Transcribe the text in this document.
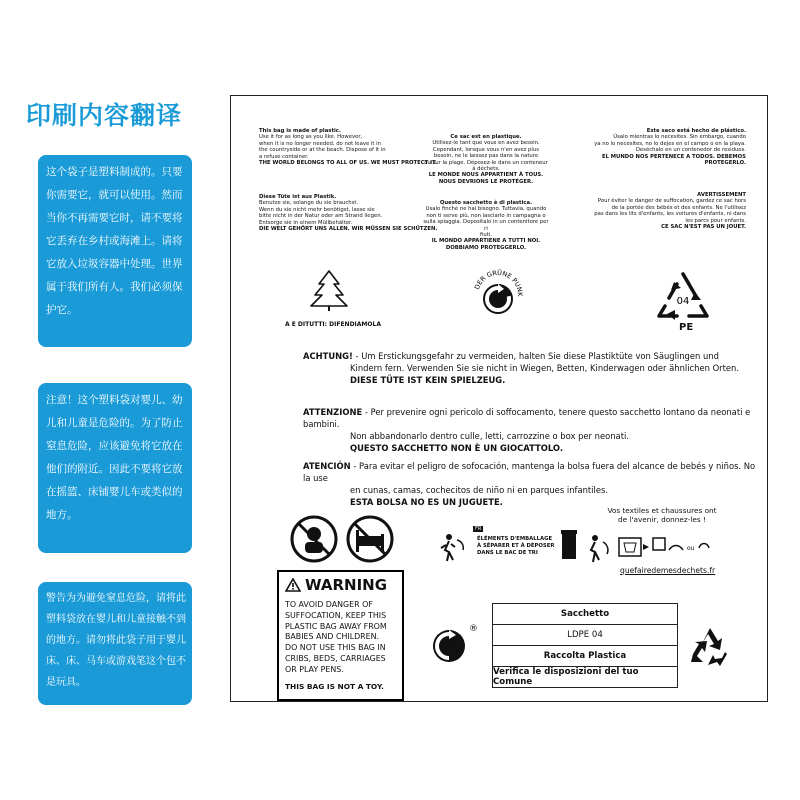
印刷内容翻译
这个袋子是塑料制成的。只要你需要它，就可以使用。然而当你不再需要它时，请不要将它丢弃在乡村或海滩上。请将它放入垃圾容器中处理。世界属于我们所有人。我们必须保护它。
注意！这个塑料袋对婴儿、幼儿和儿童是危险的。为了防止窒息危险，应该避免将它放在他们的附近。因此不要将它放在摇篮、床铺婴儿车或类似的地方。
警告为为避免窒息危险，请将此塑料袋放在婴儿和儿童接触不到的地方。请勿将此袋子用于婴儿床、床、马车或游戏笔这个包不是玩具。
This bag is made of plastic.
Use it for as long as you like. However,
when it is no longer needed, do not leave it in
the countryside or at the beach. Dispose of it in
a refuse container.
THE WORLD BELONGS TO ALL OF US. WE MUST PROTECT IT.
Ce sac est en plastique.
Utilisez-le tant que vous en avez besoin.
Cependant, lorsque vous n'en avez plus
besoin, ne le laissez pas dans la nature
ou sur la plage. Déposez-le dans un conteneur
à déchets.
LE MONDE NOUS APPARTIENT À TOUS.
NOUS DEVRIONS LE PROTÉGER.
Este saco está hecho de plástico.
Úsalo mientras lo necesites. Sin embargo, cuando
ya no lo necesites, no lo dejes en el campo o en la playa.
Deséchalo en un contenedor de residuos.
EL MUNDO NOS PERTENECE A TODOS. DEBEMOS PROTEGERLO.
Diese Tüte ist aus Plastik.
Benutze sie, solange du sie brauchst.
Wenn du sie nicht mehr benötigst, lasse sie
bitte nicht in der Natur oder am Strand liegen.
Entsorge sie in einem Müllbehälter.
DIE WELT GEHÖRT UNS ALLEN. WIR MÜSSEN SIE SCHÜTZEN.
Questo sacchetto è di plastica.
Usalo finché ne hai bisogno. Tuttavia, quando
non ti serve più, non lasciarlo in campagna o
sulla spiaggia. Depositalo in un contenitore per ri
fiuti.
IL MONDO APPARTIENE A TUTTI NOI.
DOBBIAMO PROTEGGERLO.
AVERTISSEMENT
Pour éviter le danger de suffocation, gardez ce sac hors
de la portée des bébés et des enfants. Ne l'utilisez
pas dans les lits d'enfants, les voitures d'enfants, ni dans
les parcs pour enfants.
CE SAC N'EST PAS UN JOUET.
A E DITUTTI: DIFENDIAMOLA
DER GRÜNE PUNK
04
PE
ACHTUNG! - Um Erstickungsgefahr zu vermeiden, halten Sie diese Plastiktüte von Säuglingen und
Kindern fern. Verwenden Sie sie nicht in Wiegen, Betten, Kinderwagen oder ähnlichen Orten.
DIESE TÜTE IST KEIN SPIELZEUG.
ATTENZIONE - Per prevenire ogni pericolo di soffocamento, tenere questo sacchetto lontano da neonati e bambini.
Non abbandonarlo dentro culle, letti, carrozzine o box per neonati.
QUESTO SACCHETTO NON È UN GIOCATTOLO.
ATENCIÓN - Para evitar el peligro de sofocación, mantenga la bolsa fuera del alcance de bebés y niños. No la use
en cunas, camas, cochecitos de niño ni en parques infantiles.
ESTA BOLSA NO ES UN JUGUETE.
FR
ÉLÉMENTS D'EMBALLAGE
À SÉPARER ET À DÉPOSER
DANS LE BAC DE TRI
Vos textiles et chaussures ont
de l'avenir, donnez-les !
ou
quefairedemesdechets.fr
WARNING
TO AVOID DANGER OF
SUFFOCATION, KEEP THIS
PLASTIC BAG AWAY FROM
BABIES AND CHILDREN.
DO NOT USE THIS BAG IN
CRIBS, BEDS, CARRIAGES
OR PLAY PENS.
THIS BAG IS NOT A TOY.
®
Sacchetto
LDPE 04
Raccolta Plastica
Verifica le disposizioni del tuo Comune
